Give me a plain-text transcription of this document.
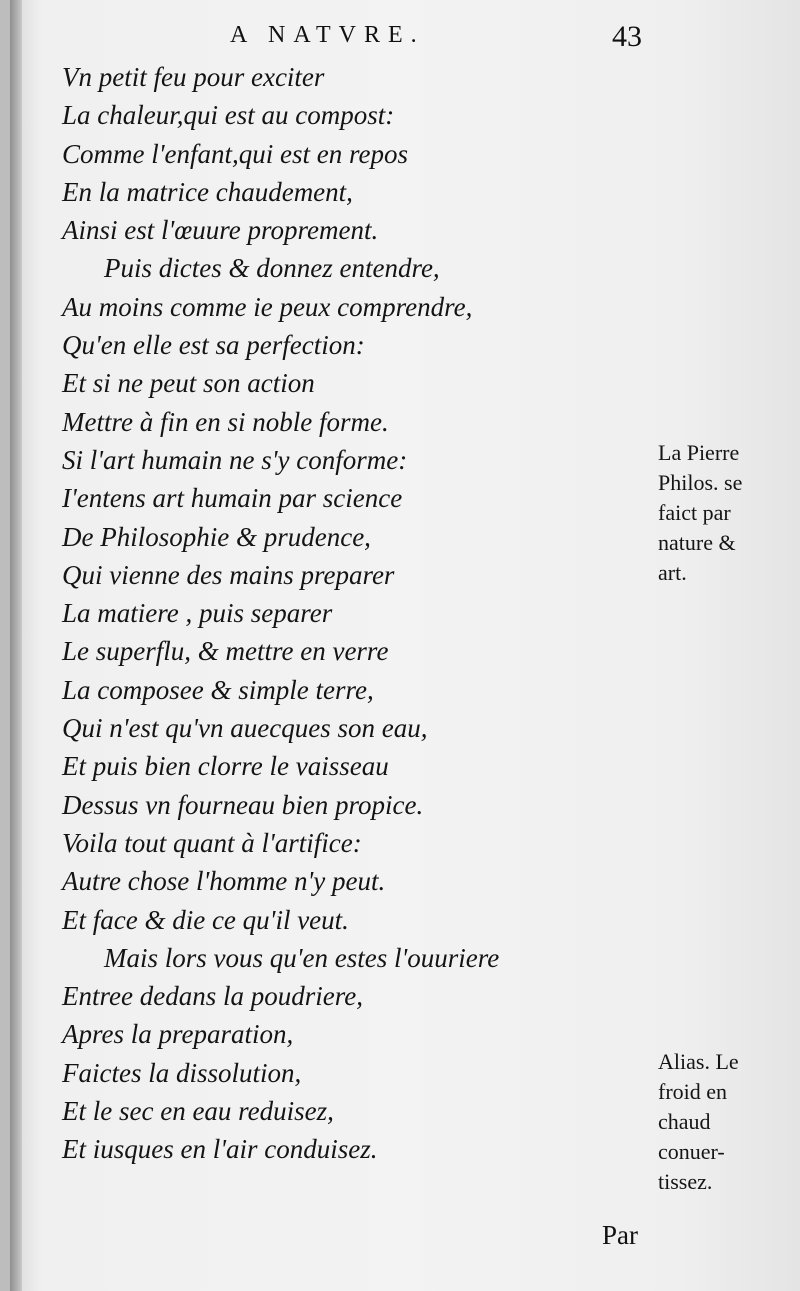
A NATVRE.	43
Vn petit feu pour exciter
La chaleur,qui est au compost:
Comme l'enfant,qui est en repos
En la matrice chaudement,
Ainsi est l'œuure proprement.
Puis dictes & donnez entendre,
Au moins comme ie peux comprendre,
Qu'en elle est sa perfection:
Et si ne peut son action
Mettre à fin en si noble forme.
Si l'art humain ne s'y conforme:
I'entens art humain par science
De Philosophie & prudence,
Qui vienne des mains preparer
La matiere , puis separer
Le superflu, & mettre en verre
La composee & simple terre,
Qui n'est qu'vn auecques son eau,
Et puis bien clorre le vaisseau
Dessus vn fourneau bien propice.
Voila tout quant à l'artifice:
Autre chose l'homme n'y peut.
Et face & die ce qu'il veut.
Mais lors vous qu'en estes l'ouuriere
Entree dedans la poudriere,
Apres la preparation,
Faictes la dissolution,
Et le sec en eau reduisez,
Et iusques en l'air conduisez.
La Pierre
Philos. se
faict par
nature &
art.
Alias. Le
froid en
chaud
conuer-
tissez.
Par
